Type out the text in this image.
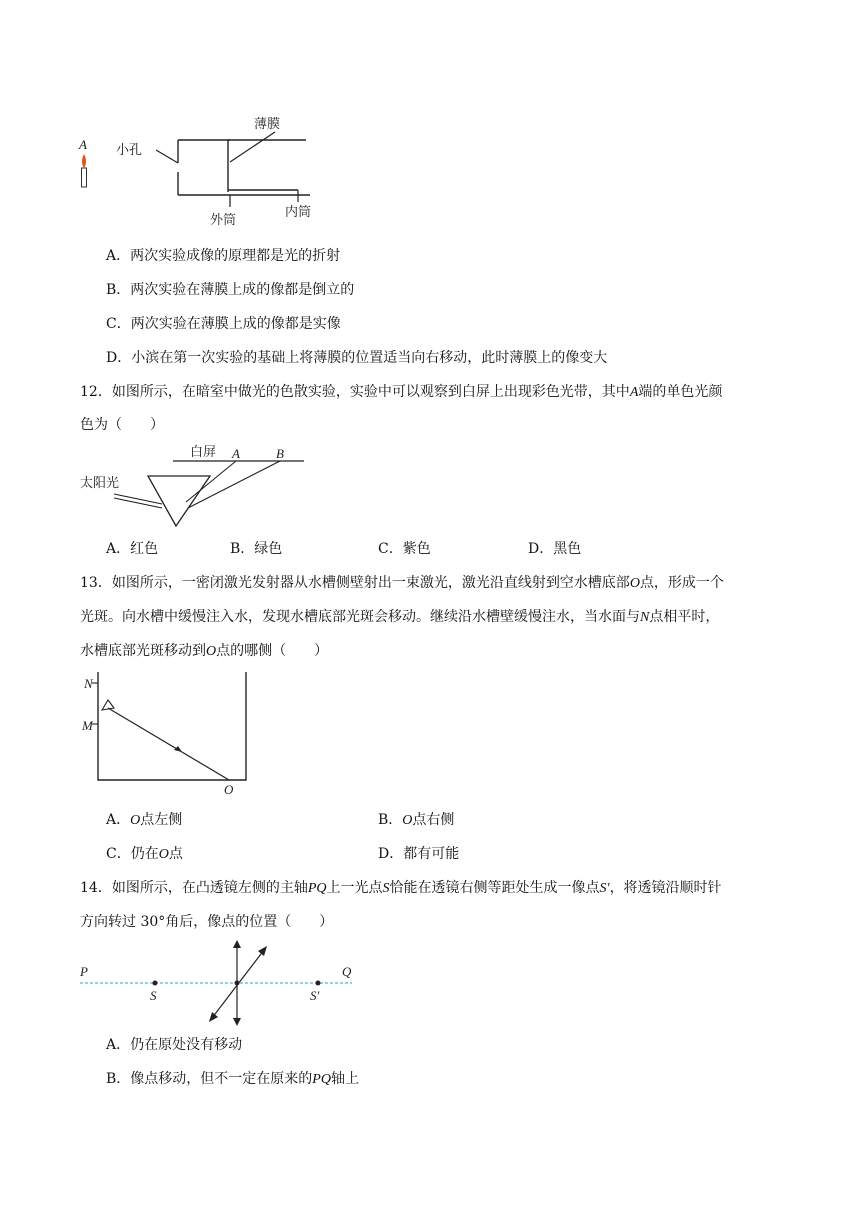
A 小孔
薄膜
外筒
内筒
A．两次实验成像的原理都是光的折射
B．两次实验在薄膜上成的像都是倒立的
C．两次实验在薄膜上成的像都是实像
D．小滨在第一次实验的基础上将薄膜的位置适当向右移动，此时薄膜上的像变大
12．如图所示，在暗室中做光的色散实验，实验中可以观察到白屏上出现彩色光带，其中A端的单色光颜
色为（　　）
白屏 A	B
太阳光
A．红色	B．绿色	C．紫色	D．黑色
13．如图所示，一密闭激光发射器从水槽侧壁射出一束激光，激光沿直线射到空水槽底部O点，形成一个
光斑。向水槽中缓慢注入水，发现水槽底部光斑会移动。继续沿水槽壁缓慢注水，当水面与N点相平时，
水槽底部光斑移动到O点的哪侧（　　）
N
M
O
A．O点左侧	B．O点右侧
C．仍在O点	D．都有可能
14．如图所示，在凸透镜左侧的主轴PQ上一光点S恰能在透镜右侧等距处生成一像点S′，将透镜沿顺时针
方向转过 30°角后，像点的位置（　　）
P	Q
S	S′
A．仍在原处没有移动
B．像点移动，但不一定在原来的PQ轴上
